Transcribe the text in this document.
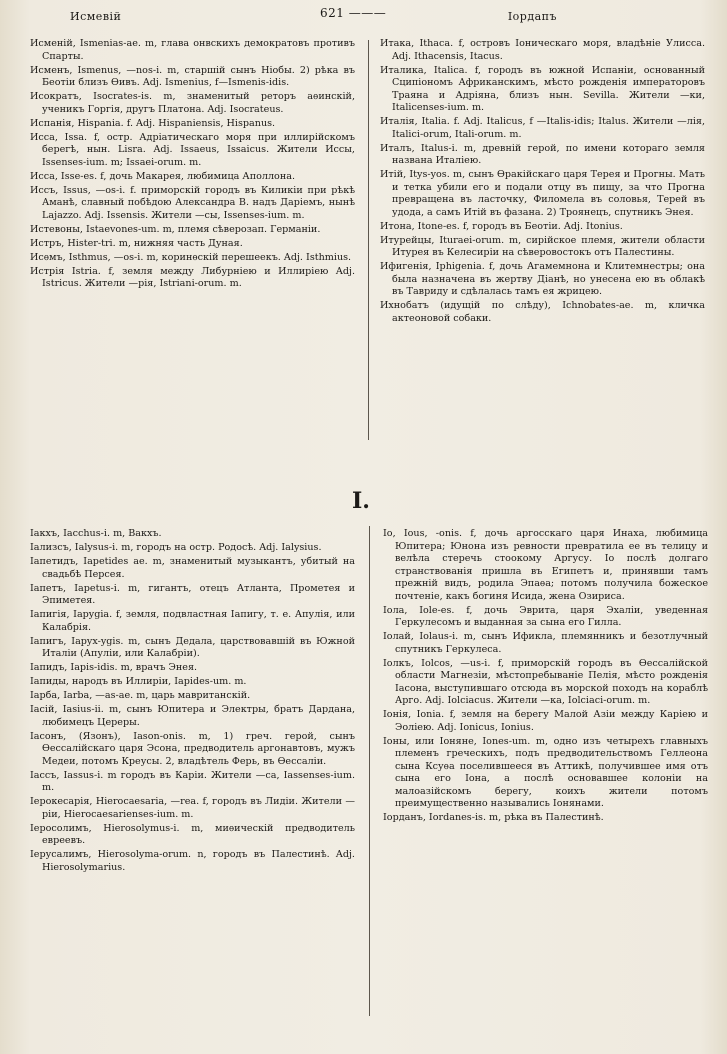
Исмевій	621 ———	Iордапъ
Исменій, Ismenias-ae. m, глава онвскихъ демократовъ противъ Спарты.
Исменъ, Ismenus, —nos-i. m, старшій сынъ Ніобы. 2) рѣка въ Беотіи близъ Ѳивъ. Adj. Ismenius, f—Ismenis-idis.
Исократъ, Isocrates-is. m, знаменитый реторъ аѳинскій, ученикъ Горгія, другъ Платона. Adj. Isocrateus.
Испанія, Hispania. f. Adj. Hispaniensis, Hispanus.
Исса, Issa. f, остр. Адріатическаго моря при иллирійскомъ берегѣ, нын. Lisra. Adj. Issaeus, Issaicus. Жители Иссы, Issenses-ium. m; Issaei-orum. m.
Исса, Isse-es. f, дочь Макарея, любимица Аполлона.
Иссъ, Issus, —os-i. f. приморскій городъ въ Киликіи при рѣкѣ Аманѣ, славный побѣдою Александра В. надъ Даріемъ, нынѣ Lajazzo. Adj. Issensis. Жители —сы, Issenses-ium. m.
Истевоны, Istaevones-um. m, племя сѣверозап. Германіи.
Истръ, Hister-tri. m, нижняя часть Дуная.
Исѳмъ, Isthmus, —os-i. m, коринѳскій перешеекъ. Adj. Isthmius.
Истрія Istria. f, земля между Либурніею и Иллиріею Adj. Istricus. Жители —рія, Istriani-orum. m.
Итака, Ithaca. f, островъ Іоническаго моря, владѣніе Улисса. Adj. Ithacensis, Itacus.
Италика, Italica. f, городъ въ южной Испаніи, основанный Сципіономъ Африканскимъ, мѣсто рожденія императоровъ Траяна и Адріяна, близъ нын. Sevilla. Жители —ки, Italicenses-ium. m.
Италія, Italia. f. Adj. Italicus, f —Italis-idis; Italus. Жители —лія, Italici-orum, Itali-orum. m.
Италъ, Italus-i. m, древній герой, по имени котораго земля названа Италіею.
Итій, Itys-yos. m, сынъ Ѳракійскаго царя Терея и Прогны. Мать и тетка убили его и подали отцу въ пищу, за что Прогна превращена въ ласточку, Филомела въ соловья, Терей въ удода, а самъ Итій въ фазана. 2) Троянецъ, спутникъ Энея.
Итона, Itone-es. f, городъ въ Беотіи. Adj. Itonius.
Итурейцы, Ituraei-orum. m, сирійское племя, жители области Итурея въ Келесиріи на сѣверовостокъ отъ Палестины.
Ифигенія, Iphigenia. f, дочь Агамемнона и Клитемнестры; она была назначена въ жертву Діанѣ, но унесена ею въ облакѣ въ Тавриду и сдѣлалась тамъ ея жрицею.
Ихнобатъ (идущій по слѣду), Ichnobates-ae. m, кличка актеоновой собаки.
I.
Іакхъ, Iacchus-i. m, Вакхъ.
Іализсъ, Ialysus-i. m, городъ на остр. Родосѣ. Adj. Ialysius.
Іапетидъ, Iapetides ae. m, знаменитый музыкантъ, убитый на свадьбѣ Персея.
Іапетъ, Iapetus-i. m, гигантъ, отецъ Атланта, Прометея и Эпиметея.
Іапигія, Iapygia. f, земля, подвластная Іапигу, т. е. Апулія, или Калабрія.
Іапигъ, Iapyx-ygis. m, сынъ Дедала, царствовавшій въ Южной Италіи (Апуліи, или Калабріи).
Іапидъ, Iapis-idis. m, врачъ Энея.
Іапиды, народъ въ Иллиріи, Iapides-um. m.
Іарба, Iarba, —as-ae. m, царь мавританскій.
Іасій, Iasius-ii. m, сынъ Юпитера и Электры, братъ Дардана, любимецъ Цереры.
Іасонъ, (Язонъ), Iason-onis. m, 1) греч. герой, сынъ Ѳессалійскаго царя Эсона, предводитель аргонавтовъ, мужъ Медеи, потомъ Креусы. 2, владѣтель Ферь, въ Ѳессаліи.
Іассъ, Iassus-i. m городъ въ Каріи. Жители —са, Iassenses-ium. m.
Іерокесарія, Hierocaesaria, —rea. f, городъ въ Лидіи. Жители —ріи, Hierocaesarienses-ium. m.
Іеросолимъ, Hierosolymus-i. m, миѳическій предводитель евреевъ.
Іерусалимъ, Hierosolyma-orum. n, городъ въ Палестинѣ. Adj. Hierosolymarius.
Іо, Ious, -onis. f, дочь аргосскаго царя Инаха, любимица Юпитера; Юнона изъ ревности превратила ее въ телицу и велѣла стеречь стоокому Аргусу. Іо послѣ долгаго странствованія пришла въ Египетъ и, принявши тамъ прежній видъ, родила Эпаѳа; потомъ получила божеское почтеніе, какъ богиня Исида, жена Озириса.
Іола, Iole-es. f, дочь Эврита, царя Эхаліи, уведенная Геркулесомъ и выданная за сына его Гилла.
Іолай, Iolaus-i. m, сынъ Ификла, племянникъ и безотлучный спутникъ Геркулеса.
Іолкъ, Iolcos, —us-i. f, приморскій городъ въ Ѳессалійской области Магнезіи, мѣстопребываніе Пелія, мѣсто рожденія Іасона, выступившаго отсюда въ морской походъ на кораблѣ Арго. Adj. Iolciacus. Жители —ка, Iolciaci-orum. m.
Іонія, Ionia. f, земля на берегу Малой Азіи между Каріею и Эоліею. Adj. Ionicus, Ionius.
Іоны, или Іоняне, Iones-um. m, одно изъ четырехъ главныхъ племенъ греческихъ, подъ предводительствомъ Геллеона сына Ксуѳа поселившееся въ Аттикѣ, получившее имя отъ сына его Іона, а послѣ основавшее колоніи на малоазійскомъ берегу, коихъ жители потомъ преимущественно назывались Іонянами.
Іорданъ, Iordanes-is. m, рѣка въ Палестинѣ.
